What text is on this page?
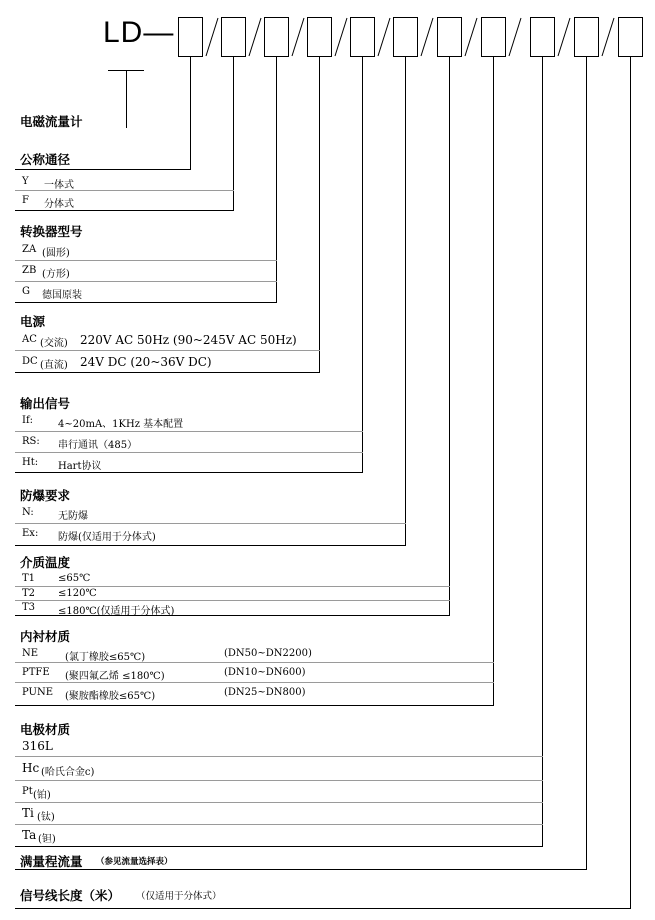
LD—
电磁流量计
公称通径
Y 一体式
F 分体式
转换器型号
ZA (圆形)
ZB (方形)
G 德国原装
电源
AC (交流) 220V AC 50Hz (90~245V AC 50Hz)
DC (直流) 24V DC (20~36V DC)
输出信号
If: 4~20mA、1KHz 基本配置
RS: 串行通讯（485）
Ht: Hart协议
防爆要求
N: 无防爆
Ex: 防爆(仅适用于分体式)
介质温度
T1 ≤65℃
T2 ≤120℃
T3 ≤180℃(仅适用于分体式)
内衬材质
NE	(氯丁橡胶≤65℃)	(DN50~DN2200)
PTFE (聚四氟乙烯 ≤180℃)	(DN10~DN600)
PUNE (聚胺酯橡胶≤65℃)	(DN25~DN800)
电极材质
316L
Hc (哈氏合金c)
Pt (铂)
Ti (钛)
Ta (钽)
满量程流量 （参见流量选择表）
信号线长度（米） （仅适用于分体式）
